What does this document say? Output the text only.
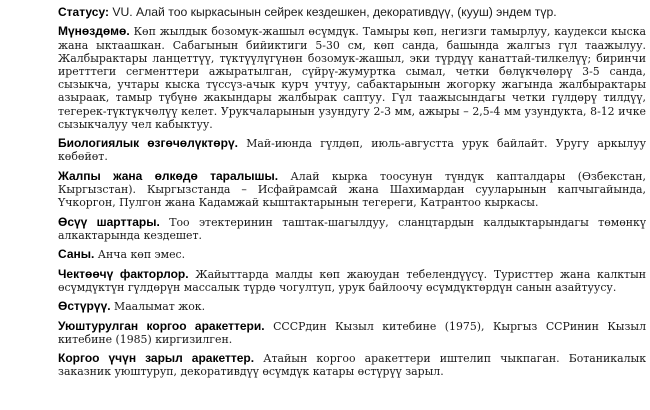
Статусу: VU. Алай тоо кыркасынын сейрек кездешкен, декоративдүү, (кууш) эндем түр.

Мүнөздөмө. Көп жылдык бозомук-жашыл өсүмдүк. Тамыры көп, негизги тамырлуу, каудекси кыска жана ыктаашкан. Сабагынын бийиктиги 5-30 см, көп санда, башында жалгыз гүл таажылуу. Жалбырактары ланцеттүү, түктүүлүгүнөн бозомук-жашыл, эки түрдүү канаттай-тилкелүү; биринчи иретттеги сегменттери ажыратылган, сүйрү-жумуртка сымал, четки бөлүкчөлөрү 3-5 санда, сызыкча, учтары кыска түссүз-ачык курч учтуу, сабактарынын жогорку жагында жалбырактары азыраак, тамыр түбүнө жакындары жалбырак саптуу. Гүл таажысындагы четки гүлдөрү тилдүү, тегерек-түктүкчөлүү келет. Урукчаларынын узундугу 2-3 мм, ажыры – 2,5-4 мм узундукта, 8-12 ичке сызыкчалуу чел кабыктуу.

Биологиялык өзгөчөлүктөрү. Май-июнда гүлдөп, июль-августта урук байлайт. Уругу аркылуу көбөйөт.

Жалпы жана өлкөдө таралышы. Алай кырка тоосунун түндүк капталдары (Өзбекстан, Кыргызстан). Кыргызстанда – Исфайрамсай жана Шахимардан сууларынын капчыгайында, Үчкоргон, Пулгон жана Кадамжай кыштактарынын тегереги, Катрантоо кыркасы.

Өсүү шарттары. Тоо этектеринин таштак-шагылдуу, сланцтардын калдыктарындагы төмөнкү алкактарында кездешет.

Саны. Анча көп эмес.

Чектөөчү факторлор. Жайыттарда малды көп жаюудан тебелендүүсү. Туристтер жана калктын өсүмдүктүн гүлдөрүн массалык түрдө чогултуп, урук байлоочу өсүмдүктөрдүн санын азайтуусу.

Өстүрүү. Маалымат жок.

Уюштурулган коргоо аракеттери. СССРдин Кызыл китебине (1975), Кыргыз ССРинин Кызыл китебине (1985) киргизилген.

Коргоо үчүн зарыл аракеттер. Атайын коргоо аракеттери иштелип чыкпаган. Ботаникалык заказник уюштуруп, декоративдүү өсүмдүк катары өстүрүү зарыл.
